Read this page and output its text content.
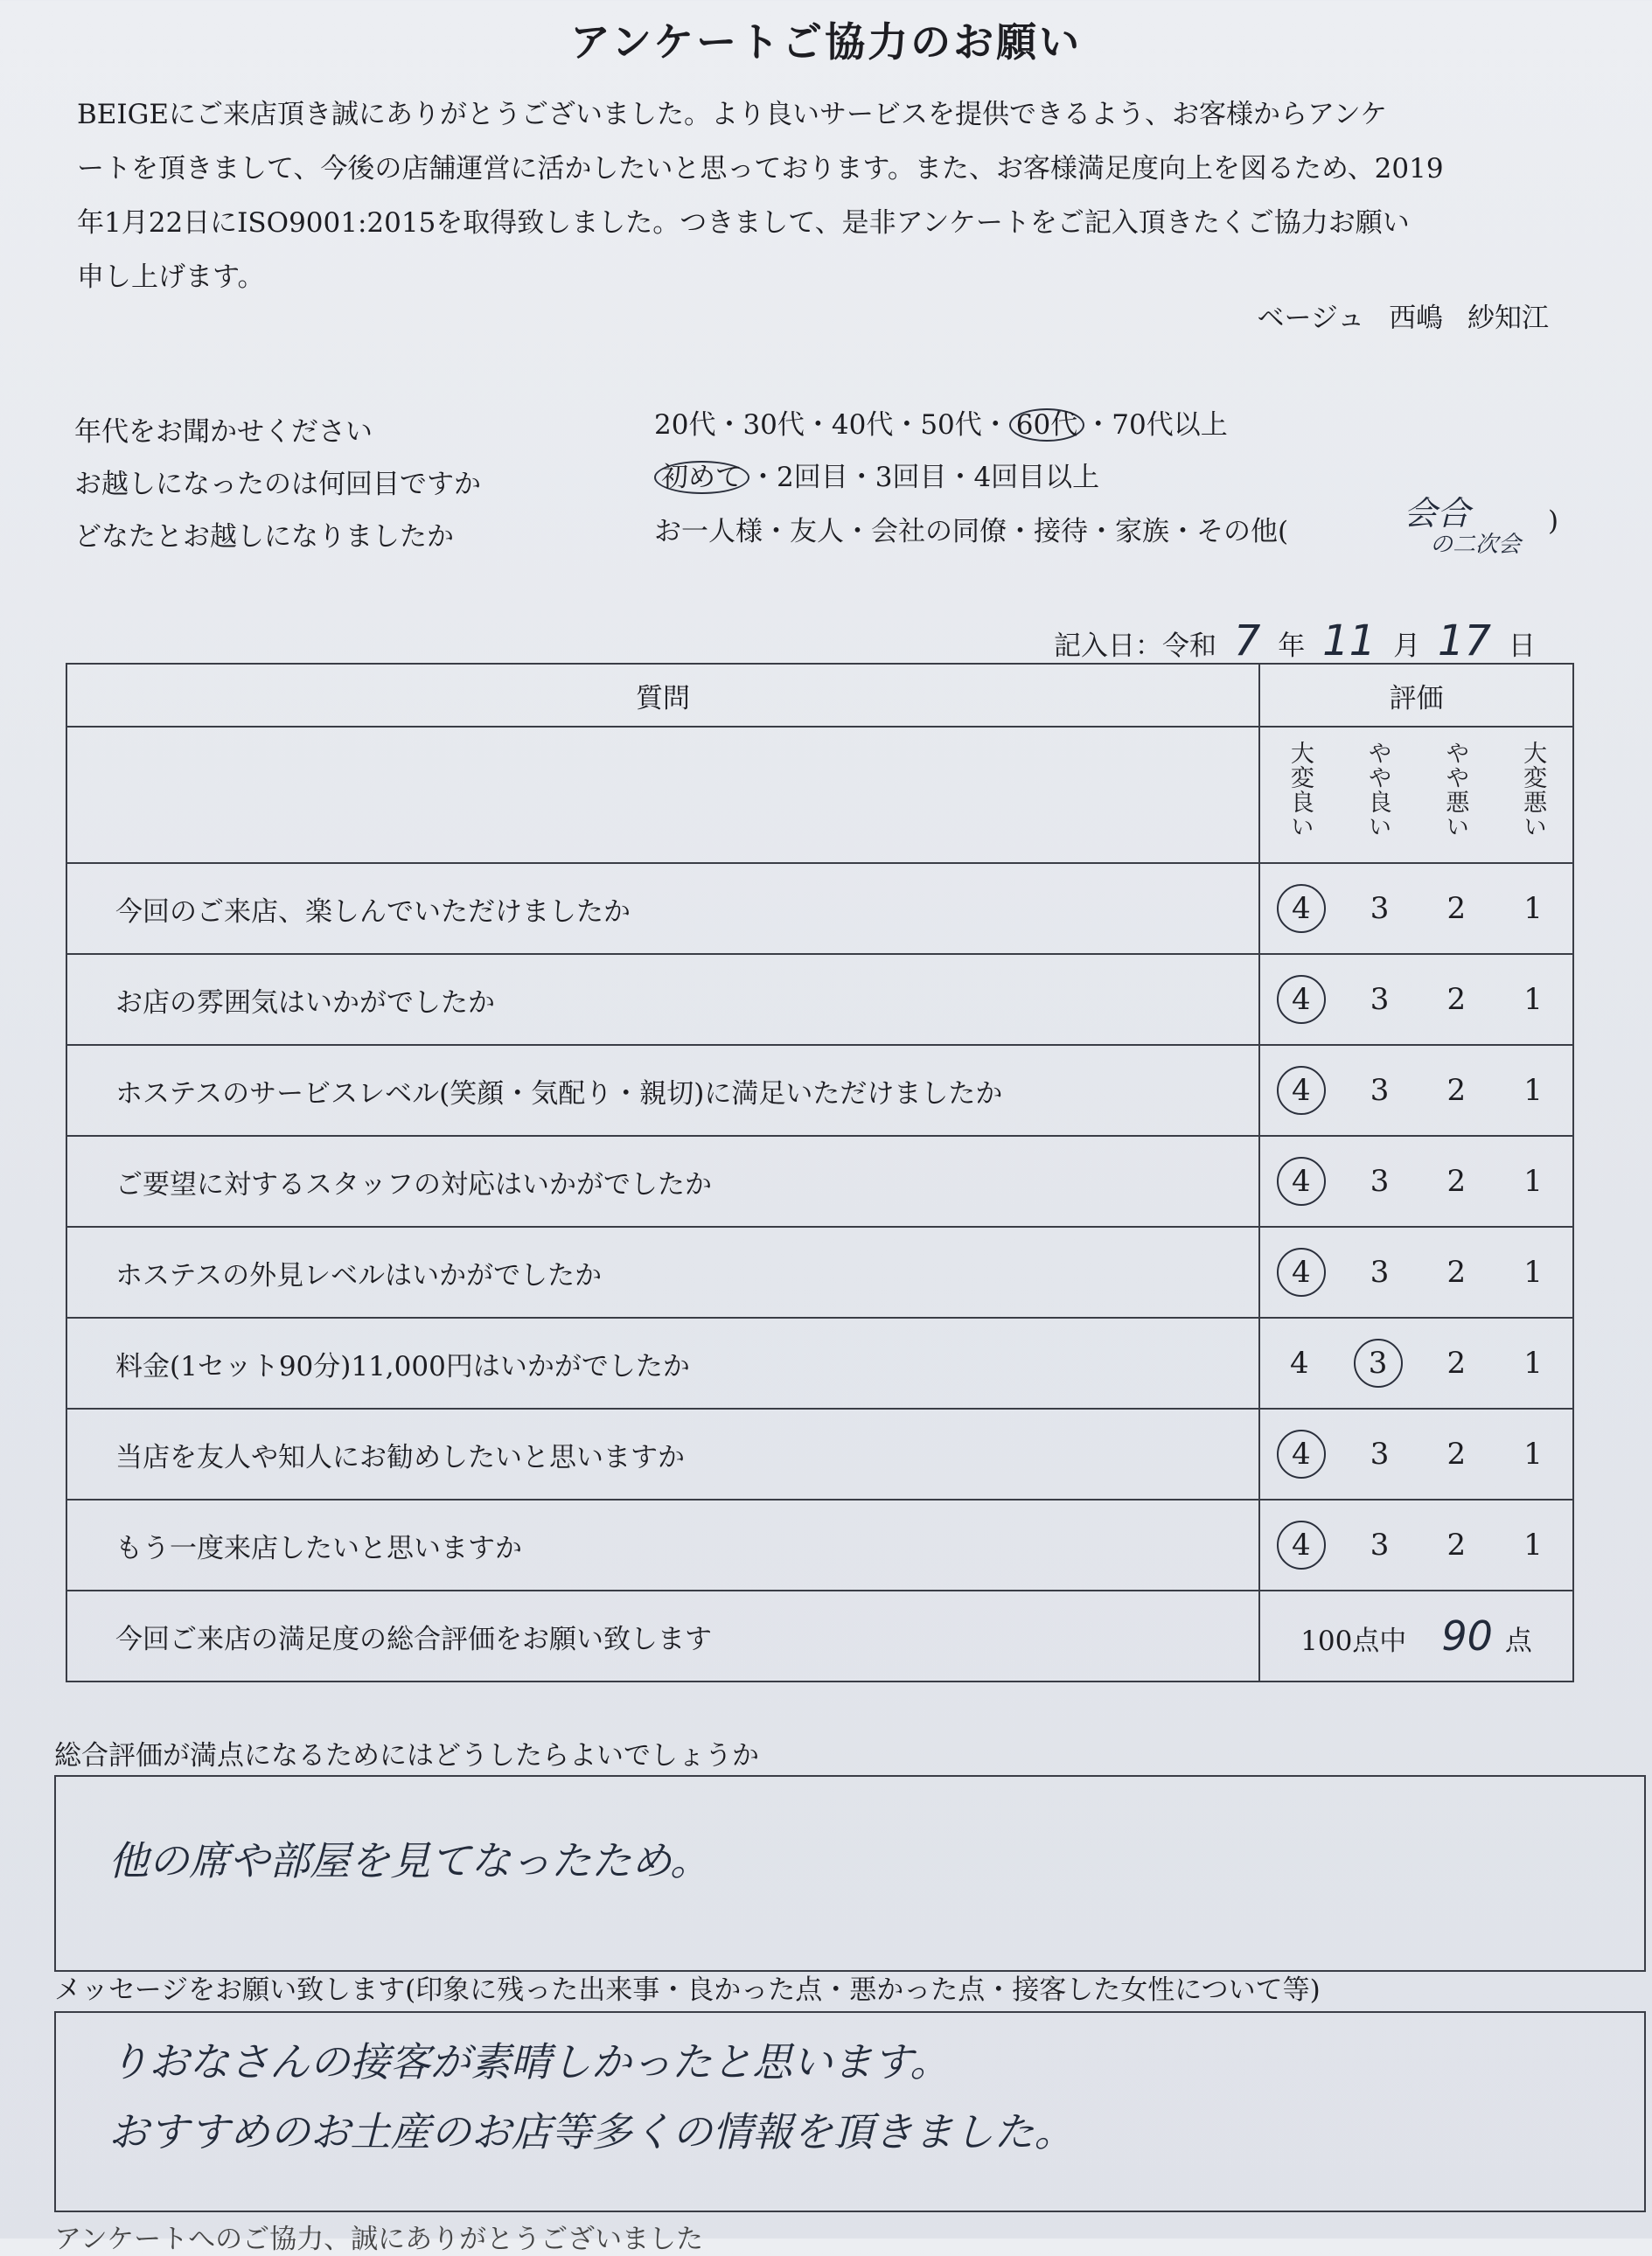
アンケートご協力のお願い

BEIGEにご来店頂き誠にありがとうございました。より良いサービスを提供できるよう、お客様からアンケ

ートを頂きまして、今後の店舗運営に活かしたいと思っております。また、お客様満足度向上を図るため、2019

年1月22日にISO9001:2015を取得致しました。つきまして、是非アンケートをご記入頂きたくご協力お願い

申し上げます。

ベージュ 西嶋 紗知江
年代をお聞かせください	20代・30代・40代・50代・ 60代 ・70代以上
お越しになったのは何回目ですか	初めて ・2回目・3回目・4回目以上
どなたとお越しになりましたか	お一人様・友人・会社の同僚・接待・家族・その他(	会合
の二次会
)
記入日：令和 7 年 11 月 17 日
質問	評価

	大変良い やや良い やや悪い 大変悪い

今回のご来店、楽しんでいただけましたか	4 3 2 1

お店の雰囲気はいかがでしたか	4 3 2 1

ホステスのサービスレベル(笑顔・気配り・親切)に満足いただけましたか	4 3 2 1

ご要望に対するスタッフの対応はいかがでしたか	4 3 2 1

ホステスの外見レベルはいかがでしたか	4 3 2 1

料金(1セット90分)11,000円はいかがでしたか	4 3 2 1

当店を友人や知人にお勧めしたいと思いますか	4 3 2 1

もう一度来店したいと思いますか	4 3 2 1

今回ご来店の満足度の総合評価をお願い致します	100点中 90 点
総合評価が満点になるためにはどうしたらよいでしょうか
他の席や部屋を見てなったため。
メッセージをお願い致します(印象に残った出来事・良かった点・悪かった点・接客した女性について等)
りおなさんの接客が素晴しかったと思います。
おすすめのお土産のお店等多くの情報を頂きました。
アンケートへのご協力、誠にありがとうございました
